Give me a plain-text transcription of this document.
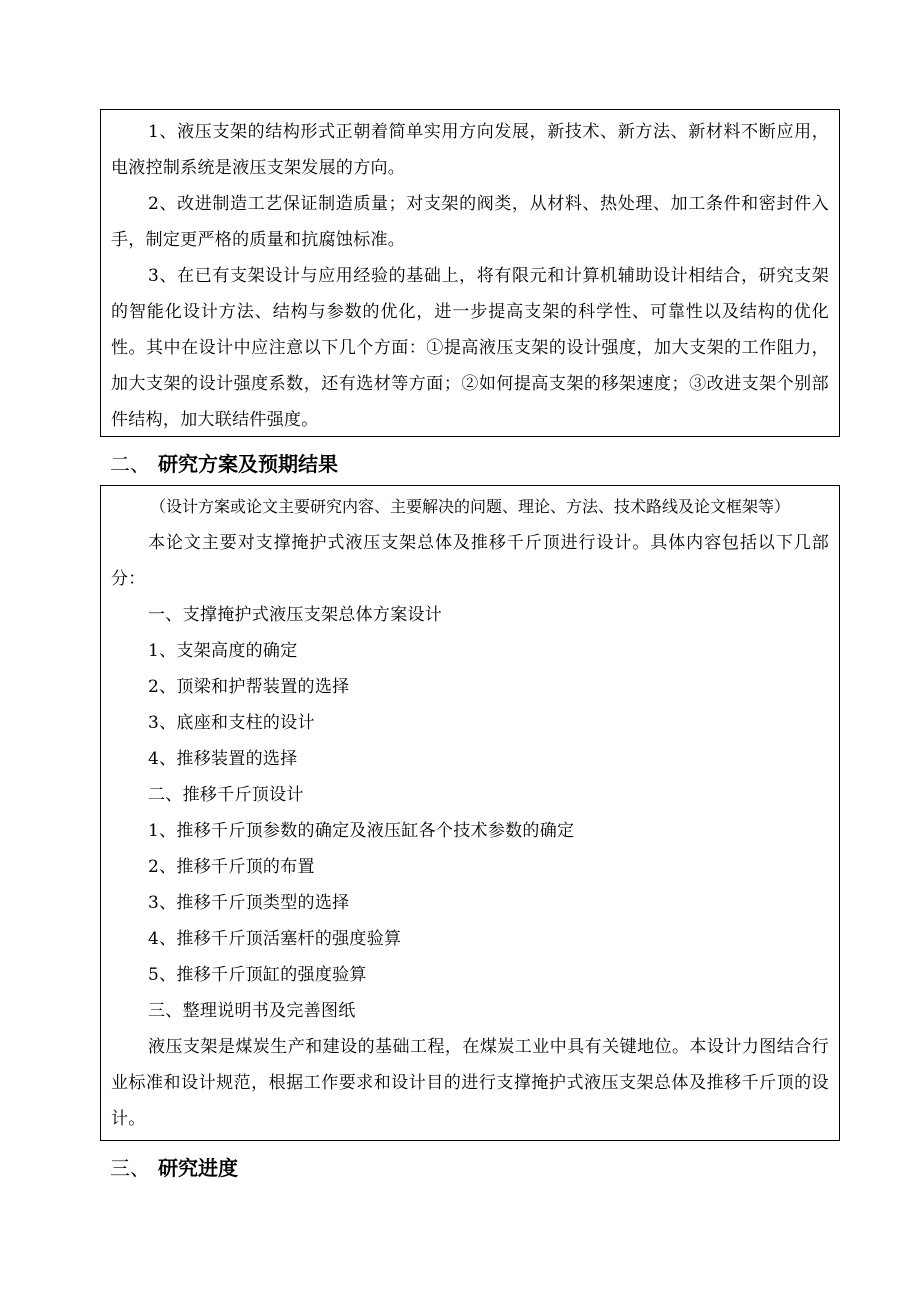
1、液压支架的结构形式正朝着简单实用方向发展，新技术、新方法、新材料不断应用，电液控制系统是液压支架发展的方向。

2、改进制造工艺保证制造质量；对支架的阀类，从材料、热处理、加工条件和密封件入手，制定更严格的质量和抗腐蚀标准。

3、在已有支架设计与应用经验的基础上，将有限元和计算机辅助设计相结合，研究支架的智能化设计方法、结构与参数的优化，进一步提高支架的科学性、可靠性以及结构的优化性。其中在设计中应注意以下几个方面：①提高液压支架的设计强度，加大支架的工作阻力，加大支架的设计强度系数，还有选材等方面；②如何提高支架的移架速度；③改进支架个别部件结构，加大联结件强度。

二、 研究方案及预期结果
（设计方案或论文主要研究内容、主要解决的问题、理论、方法、技术路线及论文框架等）

本论文主要对支撑掩护式液压支架总体及推移千斤顶进行设计。具体内容包括以下几部分：

一、支撑掩护式液压支架总体方案设计

1、支架高度的确定

2、顶梁和护帮装置的选择

3、底座和支柱的设计

4、推移装置的选择

二、推移千斤顶设计

1、推移千斤顶参数的确定及液压缸各个技术参数的确定

2、推移千斤顶的布置

3、推移千斤顶类型的选择

4、推移千斤顶活塞杆的强度验算

5、推移千斤顶缸的强度验算

三、整理说明书及完善图纸

液压支架是煤炭生产和建设的基础工程，在煤炭工业中具有关键地位。本设计力图结合行业标准和设计规范，根据工作要求和设计目的进行支撑掩护式液压支架总体及推移千斤顶的设计。

三、 研究进度
